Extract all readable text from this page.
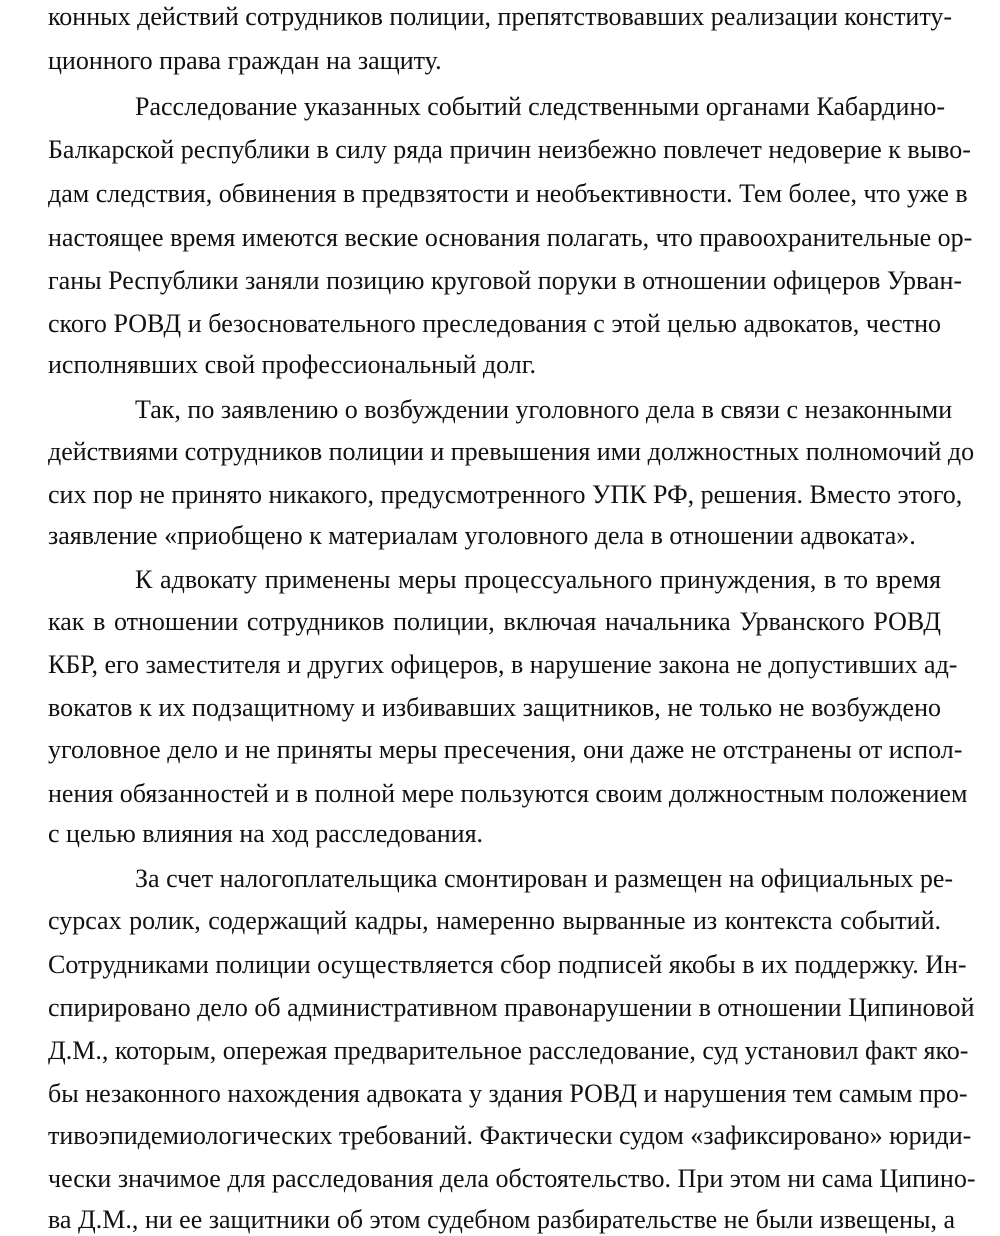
конных действий сотрудников полиции, препятствовавших реализации конститу-
ционного права граждан на защиту.
Расследование указанных событий следственными органами Кабардино-
Балкарской республики в силу ряда причин неизбежно повлечет недоверие к выво-
дам следствия, обвинения в предвзятости и необъективности. Тем более, что уже в
настоящее время имеются веские основания полагать, что правоохранительные ор-
ганы Республики заняли позицию круговой поруки в отношении офицеров Урван-
ского РОВД и безосновательного преследования с этой целью адвокатов, честно
исполнявших свой профессиональный долг.
Так, по заявлению о возбуждении уголовного дела в связи с незаконными
действиями сотрудников полиции и превышения ими должностных полномочий до
сих пор не принято никакого, предусмотренного УПК РФ, решения. Вместо этого,
заявление «приобщено к материалам уголовного дела в отношении адвоката».
К адвокату применены меры процессуального принуждения, в то время
как в отношении сотрудников полиции, включая начальника Урванского РОВД
КБР, его заместителя и других офицеров, в нарушение закона не допустивших ад-
вокатов к их подзащитному и избивавших защитников, не только не возбуждено
уголовное дело и не приняты меры пресечения, они даже не отстранены от испол-
нения обязанностей и в полной мере пользуются своим должностным положением
с целью влияния на ход расследования.
За счет налогоплательщика смонтирован и размещен на официальных ре-
сурсах ролик, содержащий кадры, намеренно вырванные из контекста событий.
Сотрудниками полиции осуществляется сбор подписей якобы в их поддержку. Ин-
спирировано дело об административном правонарушении в отношении Ципиновой
Д.М., которым, опережая предварительное расследование, суд установил факт яко-
бы незаконного нахождения адвоката у здания РОВД и нарушения тем самым про-
тивоэпидемиологических требований. Фактически судом «зафиксировано» юриди-
чески значимое для расследования дела обстоятельство. При этом ни сама Ципино-
ва Д.М., ни ее защитники об этом судебном разбирательстве не были извещены, а
